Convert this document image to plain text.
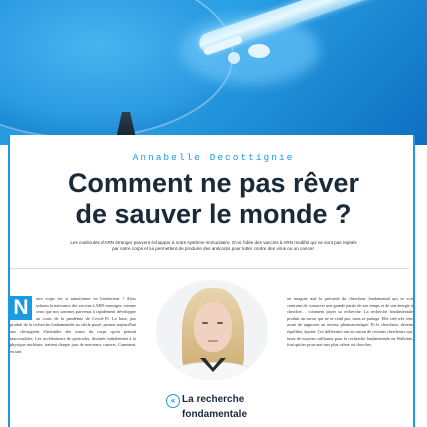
Annabelle Decottignie
Comment ne pas rêver
de sauver le monde ?
Les molécules d'ARN étranger peuvent échapper à notre système immunitaire. D'où l'idée des vaccins à ARN modifié qui ne sont pas rejetés par notre corps et lui permettent de produire des anticorps pour lutter contre des virus ou un cancer.
N	otre corps est si transformer en bioréacteur ! Alors saluons la naissance des vaccins à ARN messager, comme ceux que nos sommes parvenus à rapidement développer au cours de la pandémie de Covid-19. La base, pur produit de la recherche fondamentale au siècle passé, permet aujourd'hui aux chirurgiens d'atteindre des zones du corps qu'on pensait inaccessibles. Les accélérateurs de particules, destinés initialement à la physique nucléaire, traitent chaque jour de nouveaux cancers. Comment, en tant
on imagine mal la précarité du chercheur fondamental qui se voit contraint de consacrer une grande partie de son temps et de son énergie à chercher… comment payer sa recherche. La recherche fondamentale produit un savoir qui ne se vend pas, mais se partage. Elle crée très cher avant de rapporter au secteur pharmaceutique. Et le chercheur, devenu équilibre, épuisé. Ces déférentes ont eu raison de certains chercheurs qui, faute de moyens suffisants pour la recherche fondamentale en Wallonie, font quitter pour une mer plus calme où chercher
« La recherche
fondamentale
